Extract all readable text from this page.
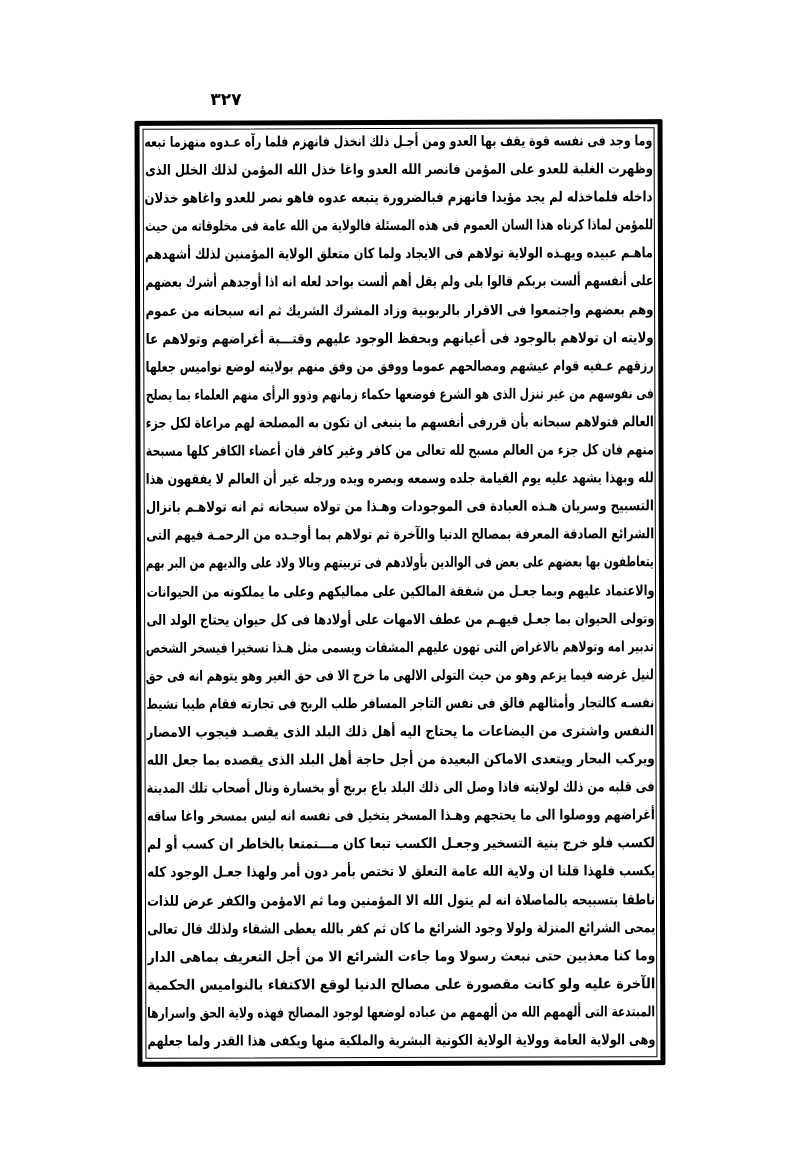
٣٢٧
وما وجد فى نفسه قوة يقف بها العدو ومن أجـل ذلك انخذل فانهزم فلما رآه عـدوه منهزما تبعه
وظهرت الغلبة للعدو على المؤمن فانصر الله العدو واغا خذل الله المؤمن لذلك الخلل الذى
داخله فلماخذله لم يجد مؤيدا فانهزم فبالضرورة يتبعه عدوه فاهو نصر للعدو واغاهو خذلان
للمؤمن لماذا كرناه هذا السان العموم فى هذه المسئلة فالولاية من الله عامة فى مخلوقاته من حيث
ماهـم عبيده ويهـذه الولاية تولاهم فى الايجاد ولما كان متعلق الولاية المؤمنين لذلك أشهدهم
على أنفسهم ألست بربكم قالوا بلى ولم يقل أهم ألست بواحد لعله انه اذا أوجدهم أشرك بعضهم
وهم بعضهم واجتمعوا فى الاقرار بالربوبية وزاد المشرك الشريك ثم انه سبحانه من عموم
ولايته ان تولاهم بالوجود فى أعيانهم وبحفظ الوجود عليهم وقتـــبة أغراضهم وتولاهم عا
رزقهم عـفيه قوام عيشهم ومصالحهم عموما ووفق من وفق منهم بولايته لوضع نواميس جعلها
فى نفوسهم من غير تنزل الذى هو الشرع فوضعها حكماء زمانهم وذوو الرأى منهم العلماء بما يصلح
العالم فتولاهم سبحانه بأن قررفى أنفسهم ما ينبغى ان تكون به المصلحة لهم مراعاة لكل جزء
منهم فان كل جزء من العالم مسبح لله تعالى من كافر وغير كافر فان أعضاء الكافر كلها مسبحة
لله وبهذا يشهد عليه يوم القيامة جلده وسمعه وبصره ويده ورجله غير أن العالم لا يفقهون هذا
التسبيح وسريان هـذه العبادة فى الموجودات وهـذا من تولاه سبحانه ثم انه تولاهـم بانزال
الشرائع الصادقة المعرفة بمصالح الدنيا والآخرة ثم تولاهم بما أوجـده من الرحمـة فيهم التى
يتعاطفون بها بعضهم على بعض فى الوالدين بأولادهم فى تربيتهم وبالا ولاد على والديهم من البر بهم
والاعتماد عليهم وبما جعـل من شفقة المالكين على مماليكهم وعلى ما يملكونه من الحيوانات
وتولى الحيوان بما جعـل فيهـم من عطف الامهات على أولادها فى كل حيوان يحتاج الولد الى
تدبير امه وتولاهم بالاغراض التى تهون عليهم المشقات ويسمى مثل هـذا تسخيرا فيسخر الشخص
لنيل غرضه فيما يزعم وهو من حيث التولى الالهى ما خرج الا فى حق الغير وهو يتوهم انه فى حق
نفسـه كالتجار وأمثالهم فالق فى نفس التاجر المسافر طلب الربح فى تجارته فقام طيبا نشيط
النفس واشترى من البضاعات ما يحتاج اليه أهل ذلك البلد الذى يقصـد فيجوب الامصار
ويركب البحار ويتعدى الاماكن البعيدة من أجل حاجة أهل البلد الذى يقصده بما جعل الله
فى قلبه من ذلك لولايته فاذا وصل الى ذلك البلد باع بربح أو بخسارة ونال أصحاب تلك المدينة
أغراضهم ووصلوا الى ما يحتجهم وهـذا المسخر يتخيل فى نفسه انه ليس بمسخر واغا ساقه
لكسب فلو خرج بنية التسخير وجعـل الكسب تبعا كان مـــتمتعا بالخاطر ان كسب أو لم
يكسب فلهذا قلنا ان ولاية الله عامة التعلق لا تختص بأمر دون أمر ولهذا جعـل الوجود كله
ناطقا بتسبيحه بالماصلاة انه لم يتول الله الا المؤمنين وما ثم الامؤمن والكفر عرض للذات
يمحى الشرائع المنزلة ولولا وجود الشرائع ما كان ثم كفر بالله يعطى الشقاء ولذلك قال تعالى
وما كنا معذبين حتى نبعث رسولا وما جاءت الشرائع الا من أجل التعريف بماهى الدار
الآخرة عليه ولو كانت مقصورة على مصالح الدنيا لوقع الاكتفاء بالنواميس الحكمية
المبتدعة التى ألهمهم الله من ألهمهم من عباده لوضعها لوجود المصالح فهذه ولاية الحق واسرارها
وهى الولاية العامة وولاية الولاية الكونية البشرية والملكية منها ويكفى هذا القدر ولما جعلهم
